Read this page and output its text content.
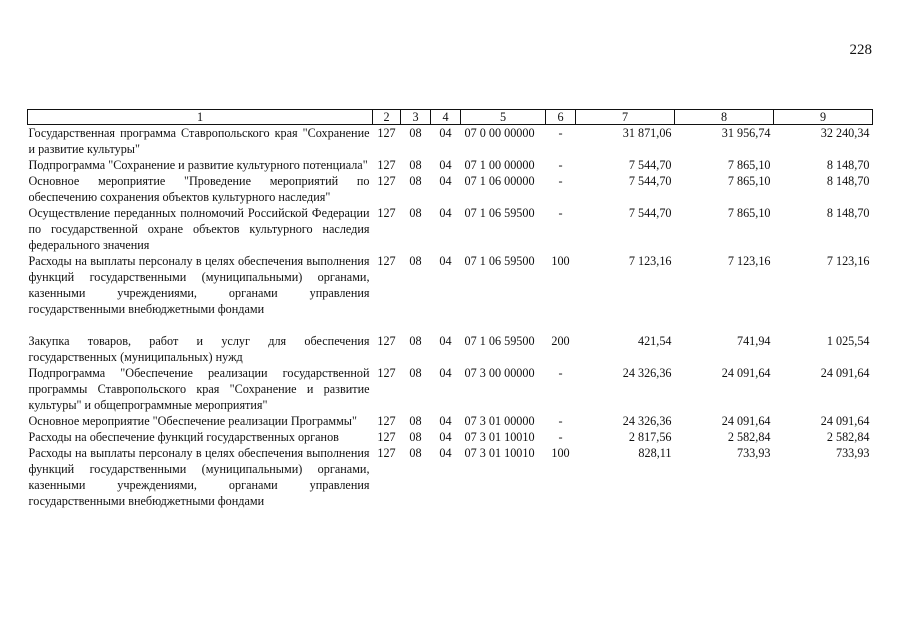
228
1	2	3	4	5	6	7	8	9
Государственная программа Ставропольского края "Сохранение и развитие культуры"	127	08	04	07 0 00 00000	-	31 871,06	31 956,74	32 240,34
Подпрограмма "Сохранение и развитие культурного потенциала"	127	08	04	07 1 00 00000	-	7 544,70	7 865,10	8 148,70
Основное мероприятие "Проведение мероприятий по обеспечению сохранения объектов культурного наследия"	127	08	04	07 1 06 00000	-	7 544,70	7 865,10	8 148,70
Осуществление переданных полномочий Российской Федерации по государственной охране объектов культурного наследия федерального значения	127	08	04	07 1 06 59500	-	7 544,70	7 865,10	8 148,70
Расходы на выплаты персоналу в целях обеспечения выполнения функций государственными (муниципальными) органами, казенными учреждениями, органами управления государственными внебюджетными фондами	127	08	04	07 1 06 59500	100	7 123,16	7 123,16	7 123,16
Закупка товаров, работ и услуг для обеспечения государственных (муниципальных) нужд	127	08	04	07 1 06 59500	200	421,54	741,94	1 025,54
Подпрограмма "Обеспечение реализации государственной программы Ставропольского края "Сохранение и развитие культуры" и общепрограммные мероприятия"	127	08	04	07 3 00 00000	-	24 326,36	24 091,64	24 091,64
Основное мероприятие "Обеспечение реализации Программы"	127	08	04	07 3 01 00000	-	24 326,36	24 091,64	24 091,64
Расходы на обеспечение функций государственных органов	127	08	04	07 3 01 10010	-	2 817,56	2 582,84	2 582,84
Расходы на выплаты персоналу в целях обеспечения выполнения функций государственными (муниципальными) органами, казенными учреждениями, органами управления государственными внебюджетными фондами	127	08	04	07 3 01 10010	100	828,11	733,93	733,93
